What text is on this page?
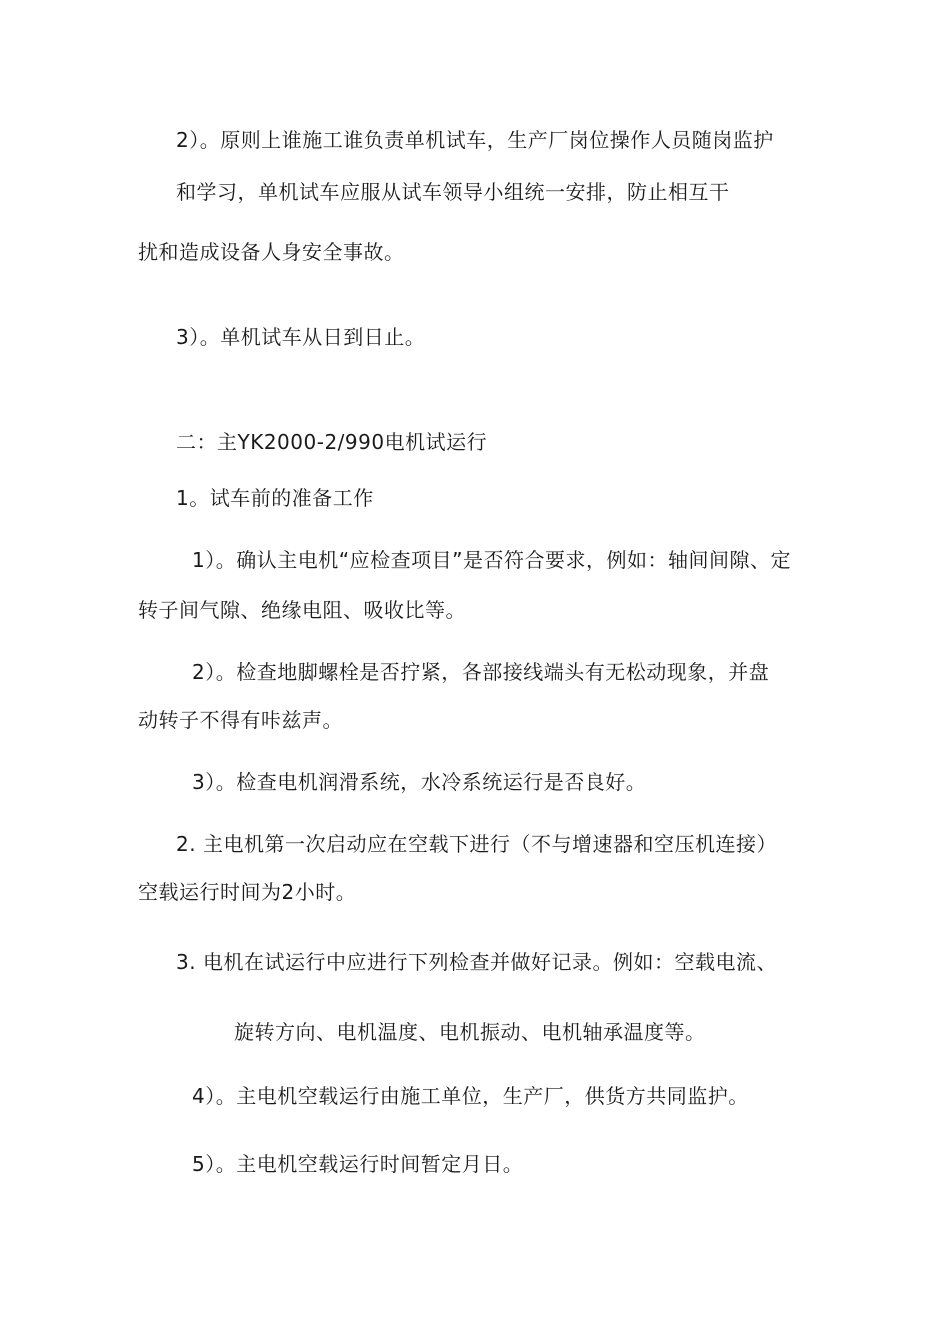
2）。原则上谁施工谁负责单机试车，生产厂岗位操作人员随岗监护
和学习，单机试车应服从试车领导小组统一安排，防止相互干
扰和造成设备人身安全事故。
3）。单机试车从日到日止。
二：主YK2000-2/990电机试运行
1。试车前的准备工作
1）。确认主电机“应检查项目”是否符合要求，例如：轴间间隙、定
转子间气隙、绝缘电阻、吸收比等。
2）。检查地脚螺栓是否拧紧，各部接线端头有无松动现象，并盘
动转子不得有咔兹声。
3）。检查电机润滑系统，水冷系统运行是否良好。
2. 主电机第一次启动应在空载下进行（不与增速器和空压机连接）
空载运行时间为2小时。
3. 电机在试运行中应进行下列检查并做好记录。例如：空载电流、
旋转方向、电机温度、电机振动、电机轴承温度等。
4）。主电机空载运行由施工单位，生产厂，供货方共同监护。
5）。主电机空载运行时间暂定月日。
